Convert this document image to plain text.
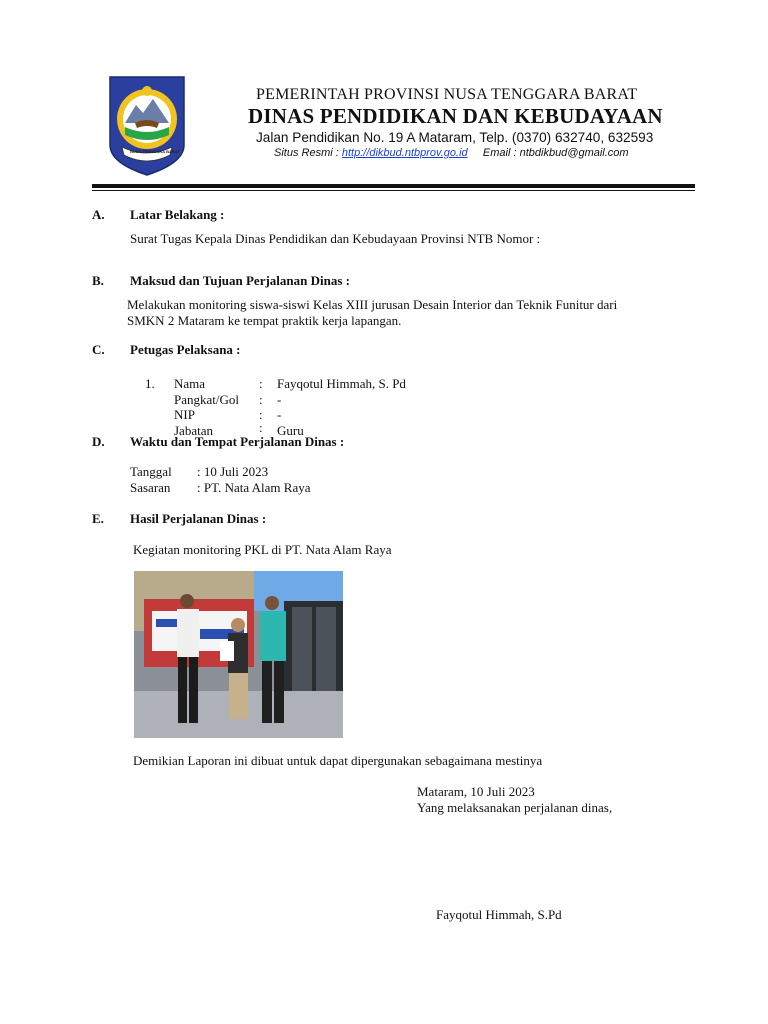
NUSA TENGGARA BARAT
PEMERINTAH PROVINSI NUSA TENGGARA BARAT
DINAS PENDIDIKAN DAN KEBUDAYAAN
Jalan Pendidikan No. 19 A Mataram, Telp. (0370) 632740, 632593
Situs Resmi : http://dikbud.ntbprov.go.id Email : ntbdikbud@gmail.com
A. Latar Belakang :
Surat Tugas Kepala Dinas Pendidikan dan Kebudayaan Provinsi NTB Nomor :
B. Maksud dan Tujuan Perjalanan Dinas :
Melakukan monitoring siswa-siswi Kelas XIII jurusan Desain Interior dan Teknik Funitur dari
SMKN 2 Mataram ke tempat praktik kerja lapangan.
C. Petugas Pelaksana :
1. Nama	: Fayqotul Himmah, S. Pd
Pangkat/Gol : -
NIP	: -
Jabatan	: Guru
D. Waktu dan Tempat Perjalanan Dinas :
Tanggal : 10 Juli 2023
Sasaran : PT. Nata Alam Raya
E. Hasil Perjalanan Dinas :
Kegiatan monitoring PKL di PT. Nata Alam Raya
Demikian Laporan ini dibuat untuk dapat dipergunakan sebagaimana mestinya
Mataram, 10 Juli 2023
Yang melaksanakan perjalanan dinas,
Fayqotul Himmah, S.Pd
